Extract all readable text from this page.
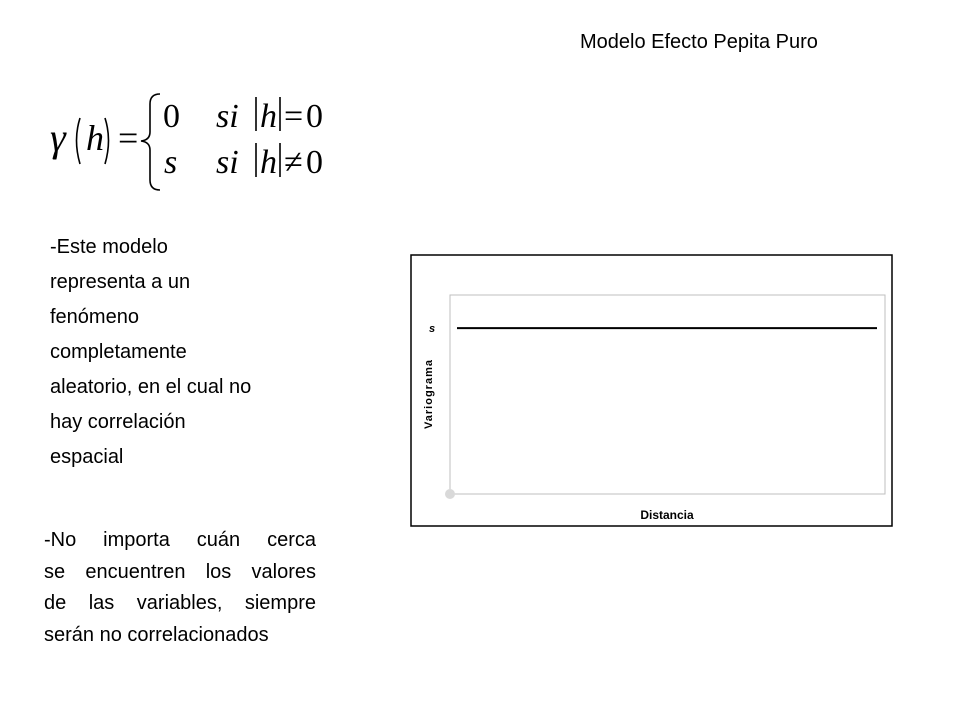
Modelo Efecto Pepita Puro
γ h =
0 si h = 0
s si h ≠ 0
-Este modelo
representa a un
fenómeno
completamente
aleatorio, en el cual no
hay correlación
espacial
-No importa cuán cerca
se encuentren los valores
de las variables, siempre
serán no correlacionados
s
Variograma
Distancia
